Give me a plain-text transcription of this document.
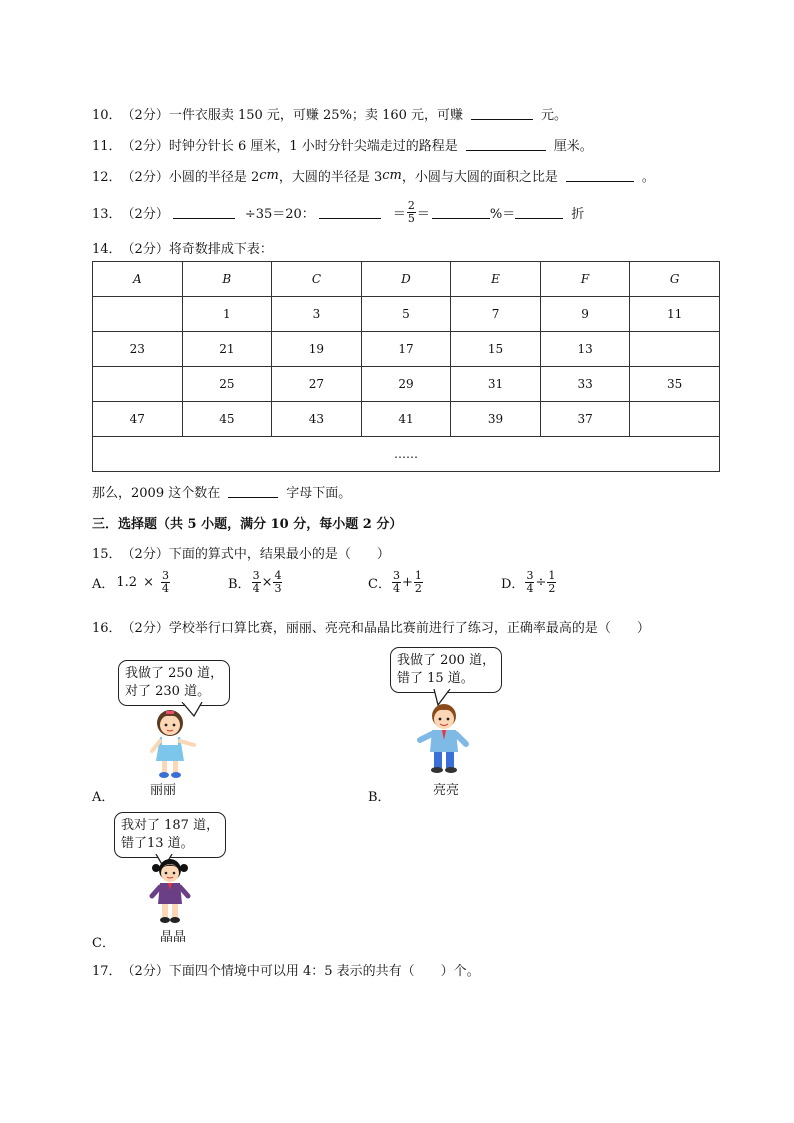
10． （2分） 一件衣服卖 150 元，可赚 25%；卖 160 元，可赚	元。
11． （2分） 时钟分针长 6 厘米，1 小时分针尖端走过的路程是	厘米。
12． （2分） 小圆的半径是 2 cm ，大圆的半径是 3 cm ，小圆与大圆的面积之比是	。
13． （2分）	÷35＝20：	＝ $\frac{2}{5}$ ＝	%＝	折
14． （2分） 将奇数排成下表：
A	B	C	D	E	F	G
	1	3	5	7	9	11
23	21	19	17	15	13	
	25	27	29	31	33	35
47	45	43	41	39	37	
……						
那么，2009 这个数在	字母下面。
三．选择题（共 5 小题，满分 10 分，每小题 2 分）
15． （2分） 下面的算式中，结果最小的是（　　）
A． $1.2 \times \frac{3}{4}$	B． $\frac{3}{4} \times \frac{4}{3}$	C． $\frac{3}{4} + \frac{1}{2}$	D． $\frac{3}{4} \div \frac{1}{2}$
16． （2分） 学校举行口算比赛，丽丽、亮亮和晶晶比赛前进行了练习，正确率最高的是（　　）
我做了 250 道，
对了 230 道。
丽丽
A．
我做了 200 道，
错了 15 道。
亮亮
B．
我对了 187 道，
错了13 道。
晶晶
C．
17． （2分） 下面四个情境中可以用 4：5 表示的共有（　　）个。
